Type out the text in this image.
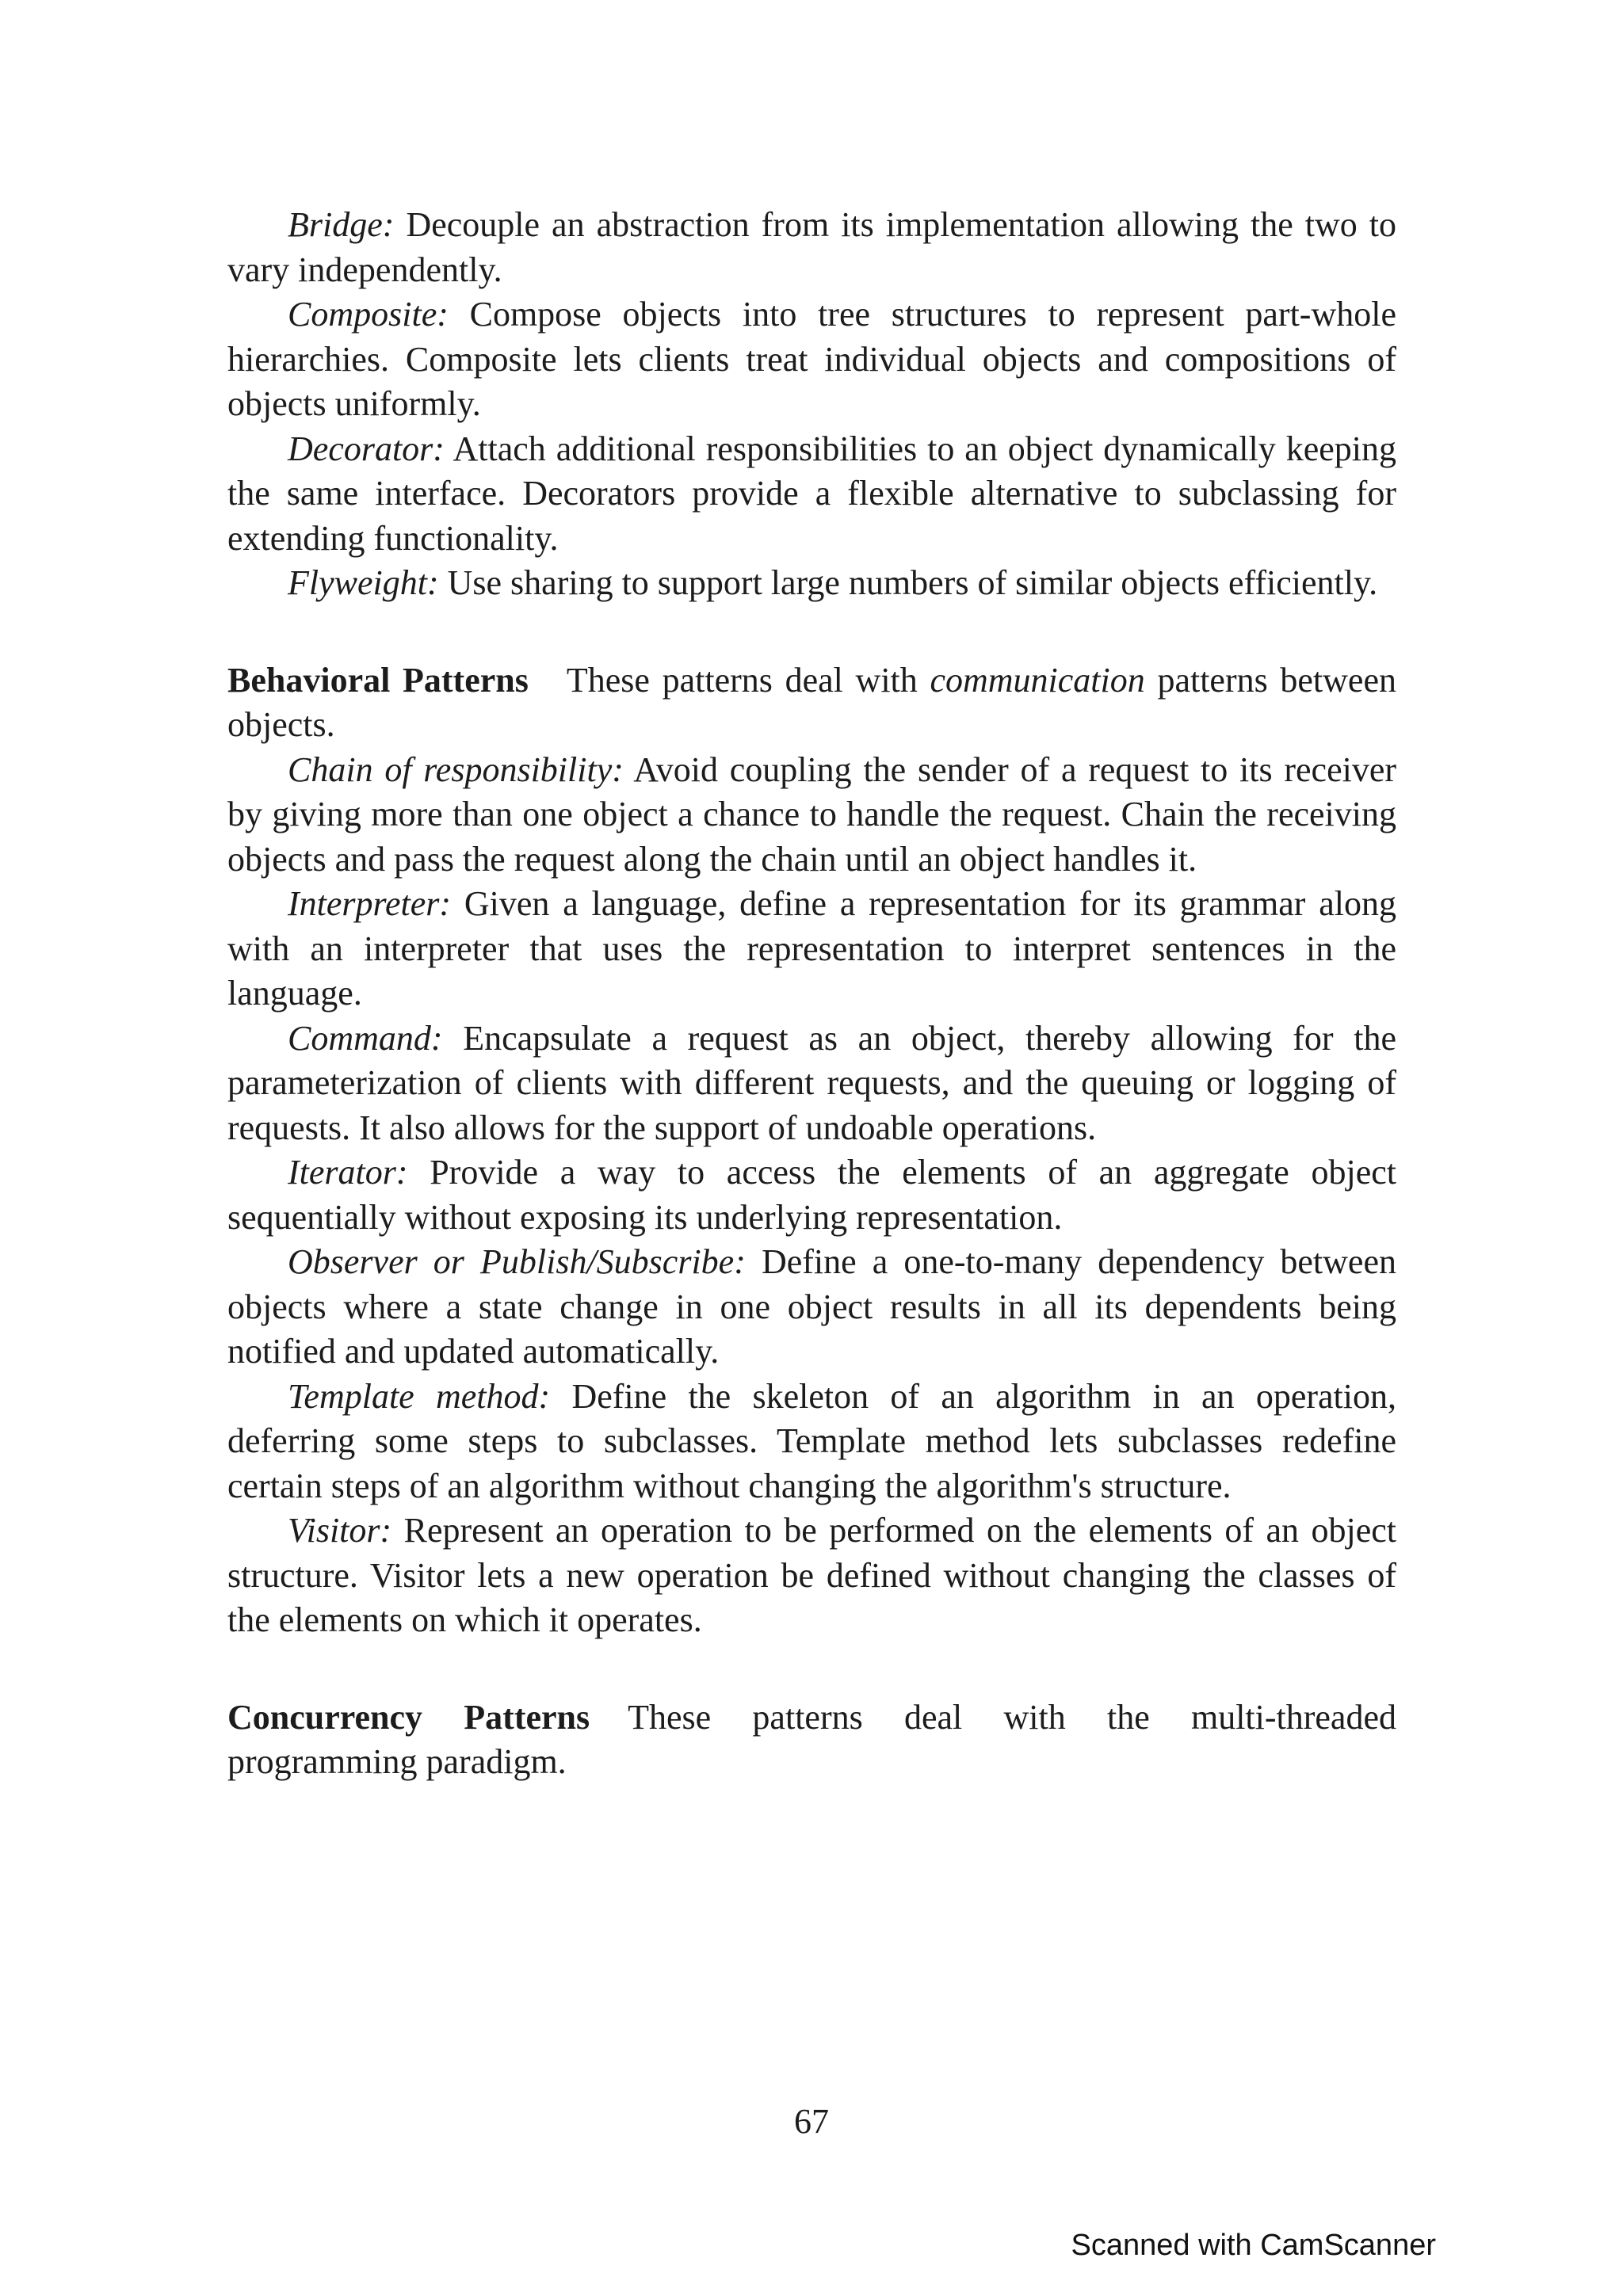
Bridge: Decouple an abstraction from its implementation allowing the two to vary independently.

Composite: Compose objects into tree structures to represent part-whole hierarchies. Composite lets clients treat individual objects and compositions of objects uniformly.

Decorator: Attach additional responsibilities to an object dynamically keeping the same interface. Decorators provide a flexible alternative to subclassing for extending functionality.

Flyweight: Use sharing to support large numbers of similar objects efficiently.

Behavioral Patterns These patterns deal with communication patterns between objects.

Chain of responsibility: Avoid coupling the sender of a request to its receiver by giving more than one object a chance to handle the request. Chain the receiving objects and pass the request along the chain until an object handles it.

Interpreter: Given a language, define a representation for its grammar along with an interpreter that uses the representation to interpret sentences in the language.

Command: Encapsulate a request as an object, thereby allowing for the parameterization of clients with different requests, and the queuing or logging of requests. It also allows for the support of undoable operations.

Iterator: Provide a way to access the elements of an aggregate object sequentially without exposing its underlying representation.

Observer or Publish/Subscribe: Define a one-to-many dependency between objects where a state change in one object results in all its dependents being notified and updated automatically.

Template method: Define the skeleton of an algorithm in an operation, deferring some steps to subclasses. Template method lets subclasses redefine certain steps of an algorithm without changing the algorithm's structure.

Visitor: Represent an operation to be performed on the elements of an object structure. Visitor lets a new operation be defined without changing the classes of the elements on which it operates.

Concurrency Patterns These patterns deal with the multi-threaded programming paradigm.

67
Scanned with CamScanner
